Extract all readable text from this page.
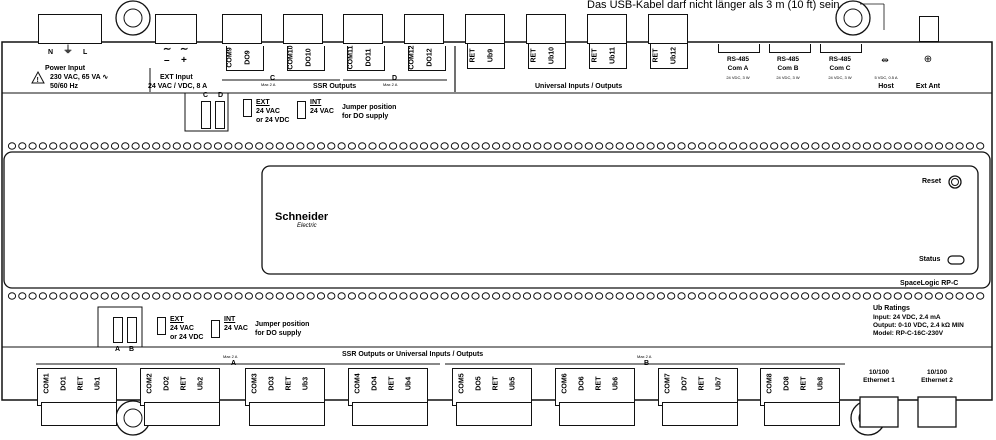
!
COM9 DO9	COM10 DO10	COM11 DO11	COM12 DO12	RET Ub9	RET Ub10	RET Ub11	RET Ub12
COM1 DO1 RET Ub1	COM2 DO2 RET Ub2	COM3 DO3 RET Ub3	COM4 DO4 RET Ub4	COM5 DO5 RET Ub5	COM6 DO6 RET Ub6	COM7 DO7 RET Ub7	COM8 DO8 RET Ub8
Das USB-Kabel darf nicht länger als 3 m (10 ft) sein
N ⏚ L
Power Input
230 VAC, 65 VA ∿
50/60 Hz
∼ ∼
– +
EXT Input
24 VAC / VDC, 8 A
C
Max 2 A
D
Max 2 A
SSR Outputs	Universal Inputs / Outputs
RS-485
Com A
24 VDC, 3 W
RS-485
Com B
24 VDC, 3 W
RS-485
Com C
24 VDC, 3 W
⇹
5 VDC, 0.5 A
Host
⊕
Ext Ant
C D
EXT
24 VAC
or 24 VDC
INT
24 VAC
Jumper position
for DO supply
Reset
Status
Schneider
Electric
SpaceLogic RP-C
Ub Ratings
Input: 24 VDC, 2.4 mA
Output: 0-10 VDC, 2.4 kΩ MIN
Model: RP-C-16C-230V
A B
EXT
24 VAC
or 24 VDC
INT
24 VAC
Jumper position
for DO supply
Max 2 A
A
Max 2 A
B
SSR Outputs or Universal Inputs / Outputs
10/100
Ethernet 1
10/100
Ethernet 2
